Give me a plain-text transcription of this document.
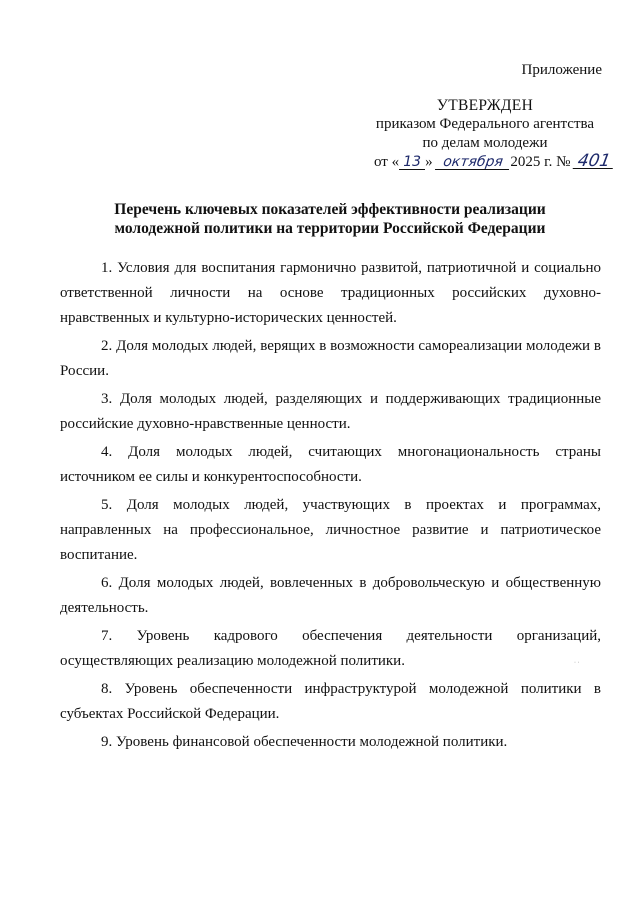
Приложение

УТВЕРЖДЕН
приказом Федерального агентства
по делам молодежи
от « 13 » октября 2025 г. № 401
Перечень ключевых показателей эффективности реализации
молодежной политики на территории Российской Федерации
1. Условия для воспитания гармонично развитой, патриотичной и социально ответственной личности на основе традиционных российских духовно-нравственных и культурно-исторических ценностей.
2. Доля молодых людей, верящих в возможности самореализации молодежи в России.
3. Доля молодых людей, разделяющих и поддерживающих традиционные российские духовно-нравственные ценности.
4. Доля молодых людей, считающих многонациональность страны источником ее силы и конкурентоспособности.
5. Доля молодых людей, участвующих в проектах и программах, направленных на профессиональное, личностное развитие и патриотическое воспитание.
6. Доля молодых людей, вовлеченных в добровольческую и общественную деятельность.
7. Уровень кадрового обеспечения деятельности организаций, осуществляющих реализацию молодежной политики.
8. Уровень обеспеченности инфраструктурой молодежной политики в субъектах Российской Федерации.
9. Уровень финансовой обеспеченности молодежной политики.
· ·
